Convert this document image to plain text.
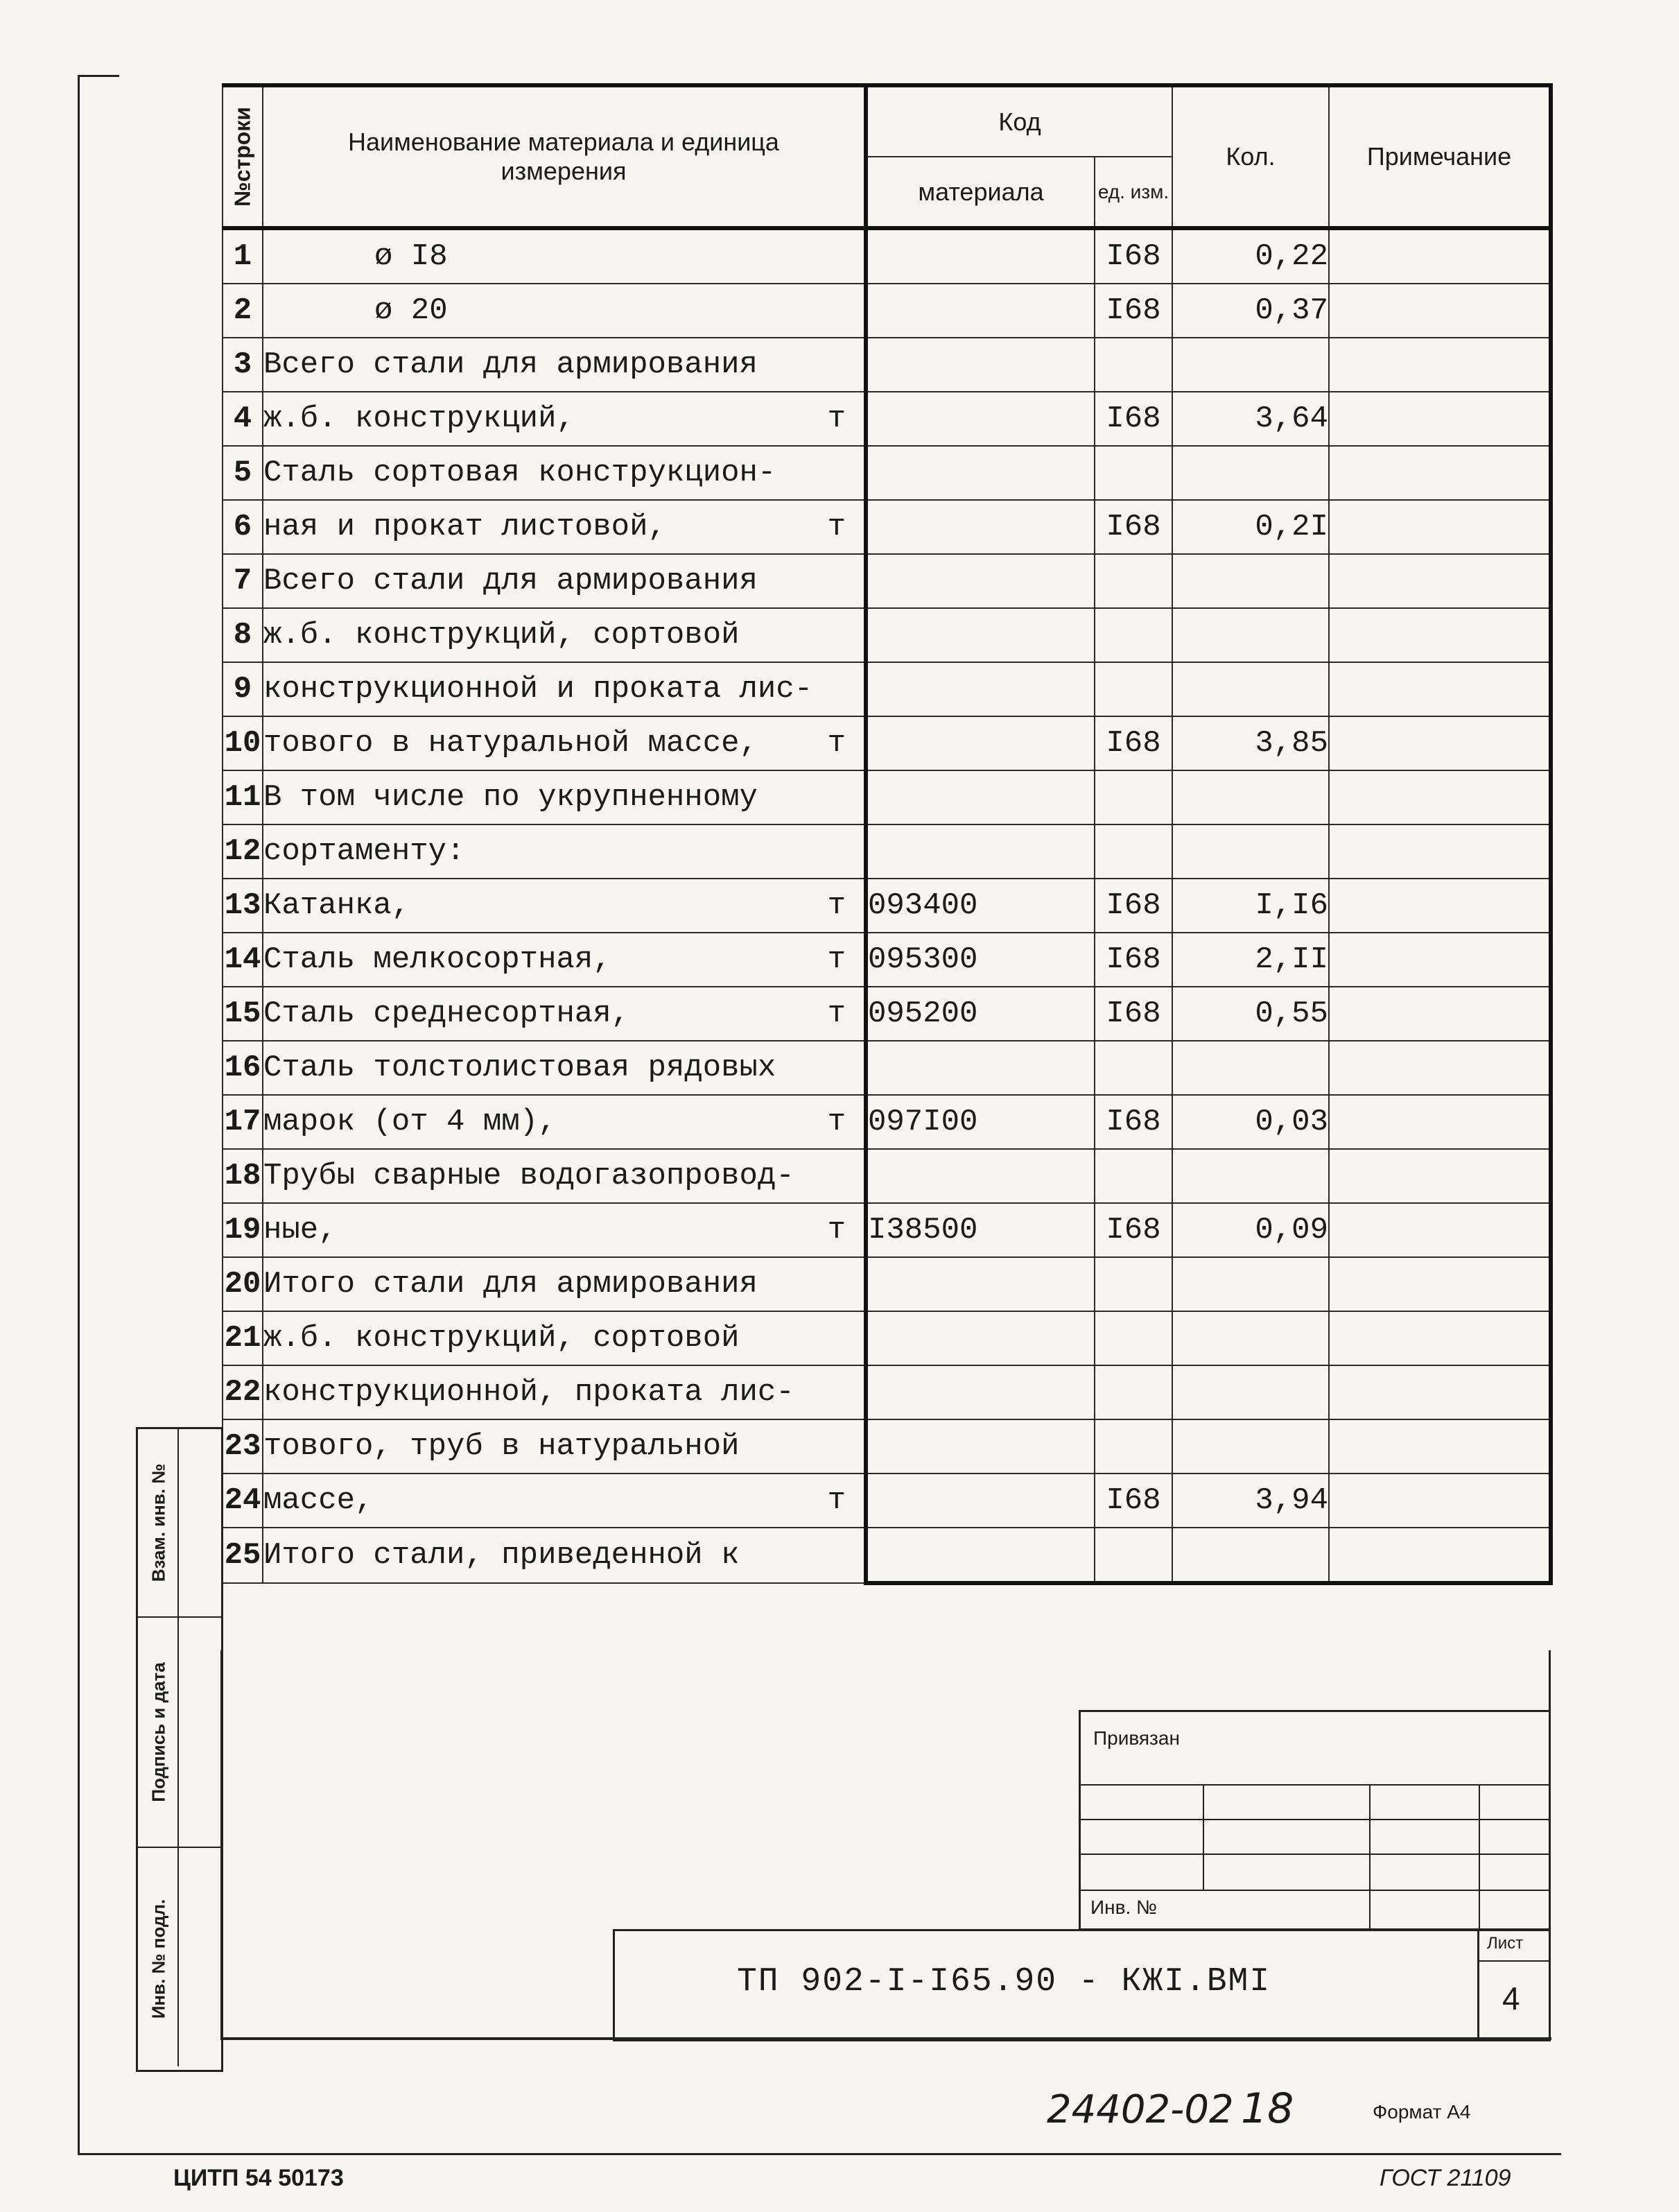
№строки	Наименование материала и единица измерения	Код		Кол.	Примечание
		материала	ед. изм.		
1	ø I8		I68	0,22	
2	ø 20		I68	0,37	
3	Всего стали для армирования				
4	ж.б. конструкций, т		I68	3,64	
5	Сталь сортовая конструкцион-				
6	ная и прокат листовой, т		I68	0,2I	
7	Всего стали для армирования				
8	ж.б. конструкций, сортовой				
9	конструкционной и проката лис-				
10	тового в натуральной массе, т		I68	3,85	
11	В том числе по укрупненному				
12	сортаменту:				
13	Катанка, т	093400	I68	I,I6	
14	Сталь мелкосортная, т	095300	I68	2,II	
15	Сталь среднесортная, т	095200	I68	0,55	
16	Сталь толстолистовая рядовых				
17	марок (от 4 мм), т	097I00	I68	0,03	
18	Трубы сварные водогазопровод-				
19	ные, т	I38500	I68	0,09	
20	Итого стали для армирования				
21	ж.б. конструкций, сортовой				
22	конструкционной, проката лис-				
23	тового, труб в натуральной				
24	массе, т		I68	3,94	
25	Итого стали, приведенной к				
Взам. инв. №
Подпись и дата
Инв. № подл.
Привязан
Инв. №
ТП 902-I-I65.90 - КЖI.ВМI
Лист
4
24402-02 18	Формат А4
ЦИТП 54 50173	ГОСТ 21109
